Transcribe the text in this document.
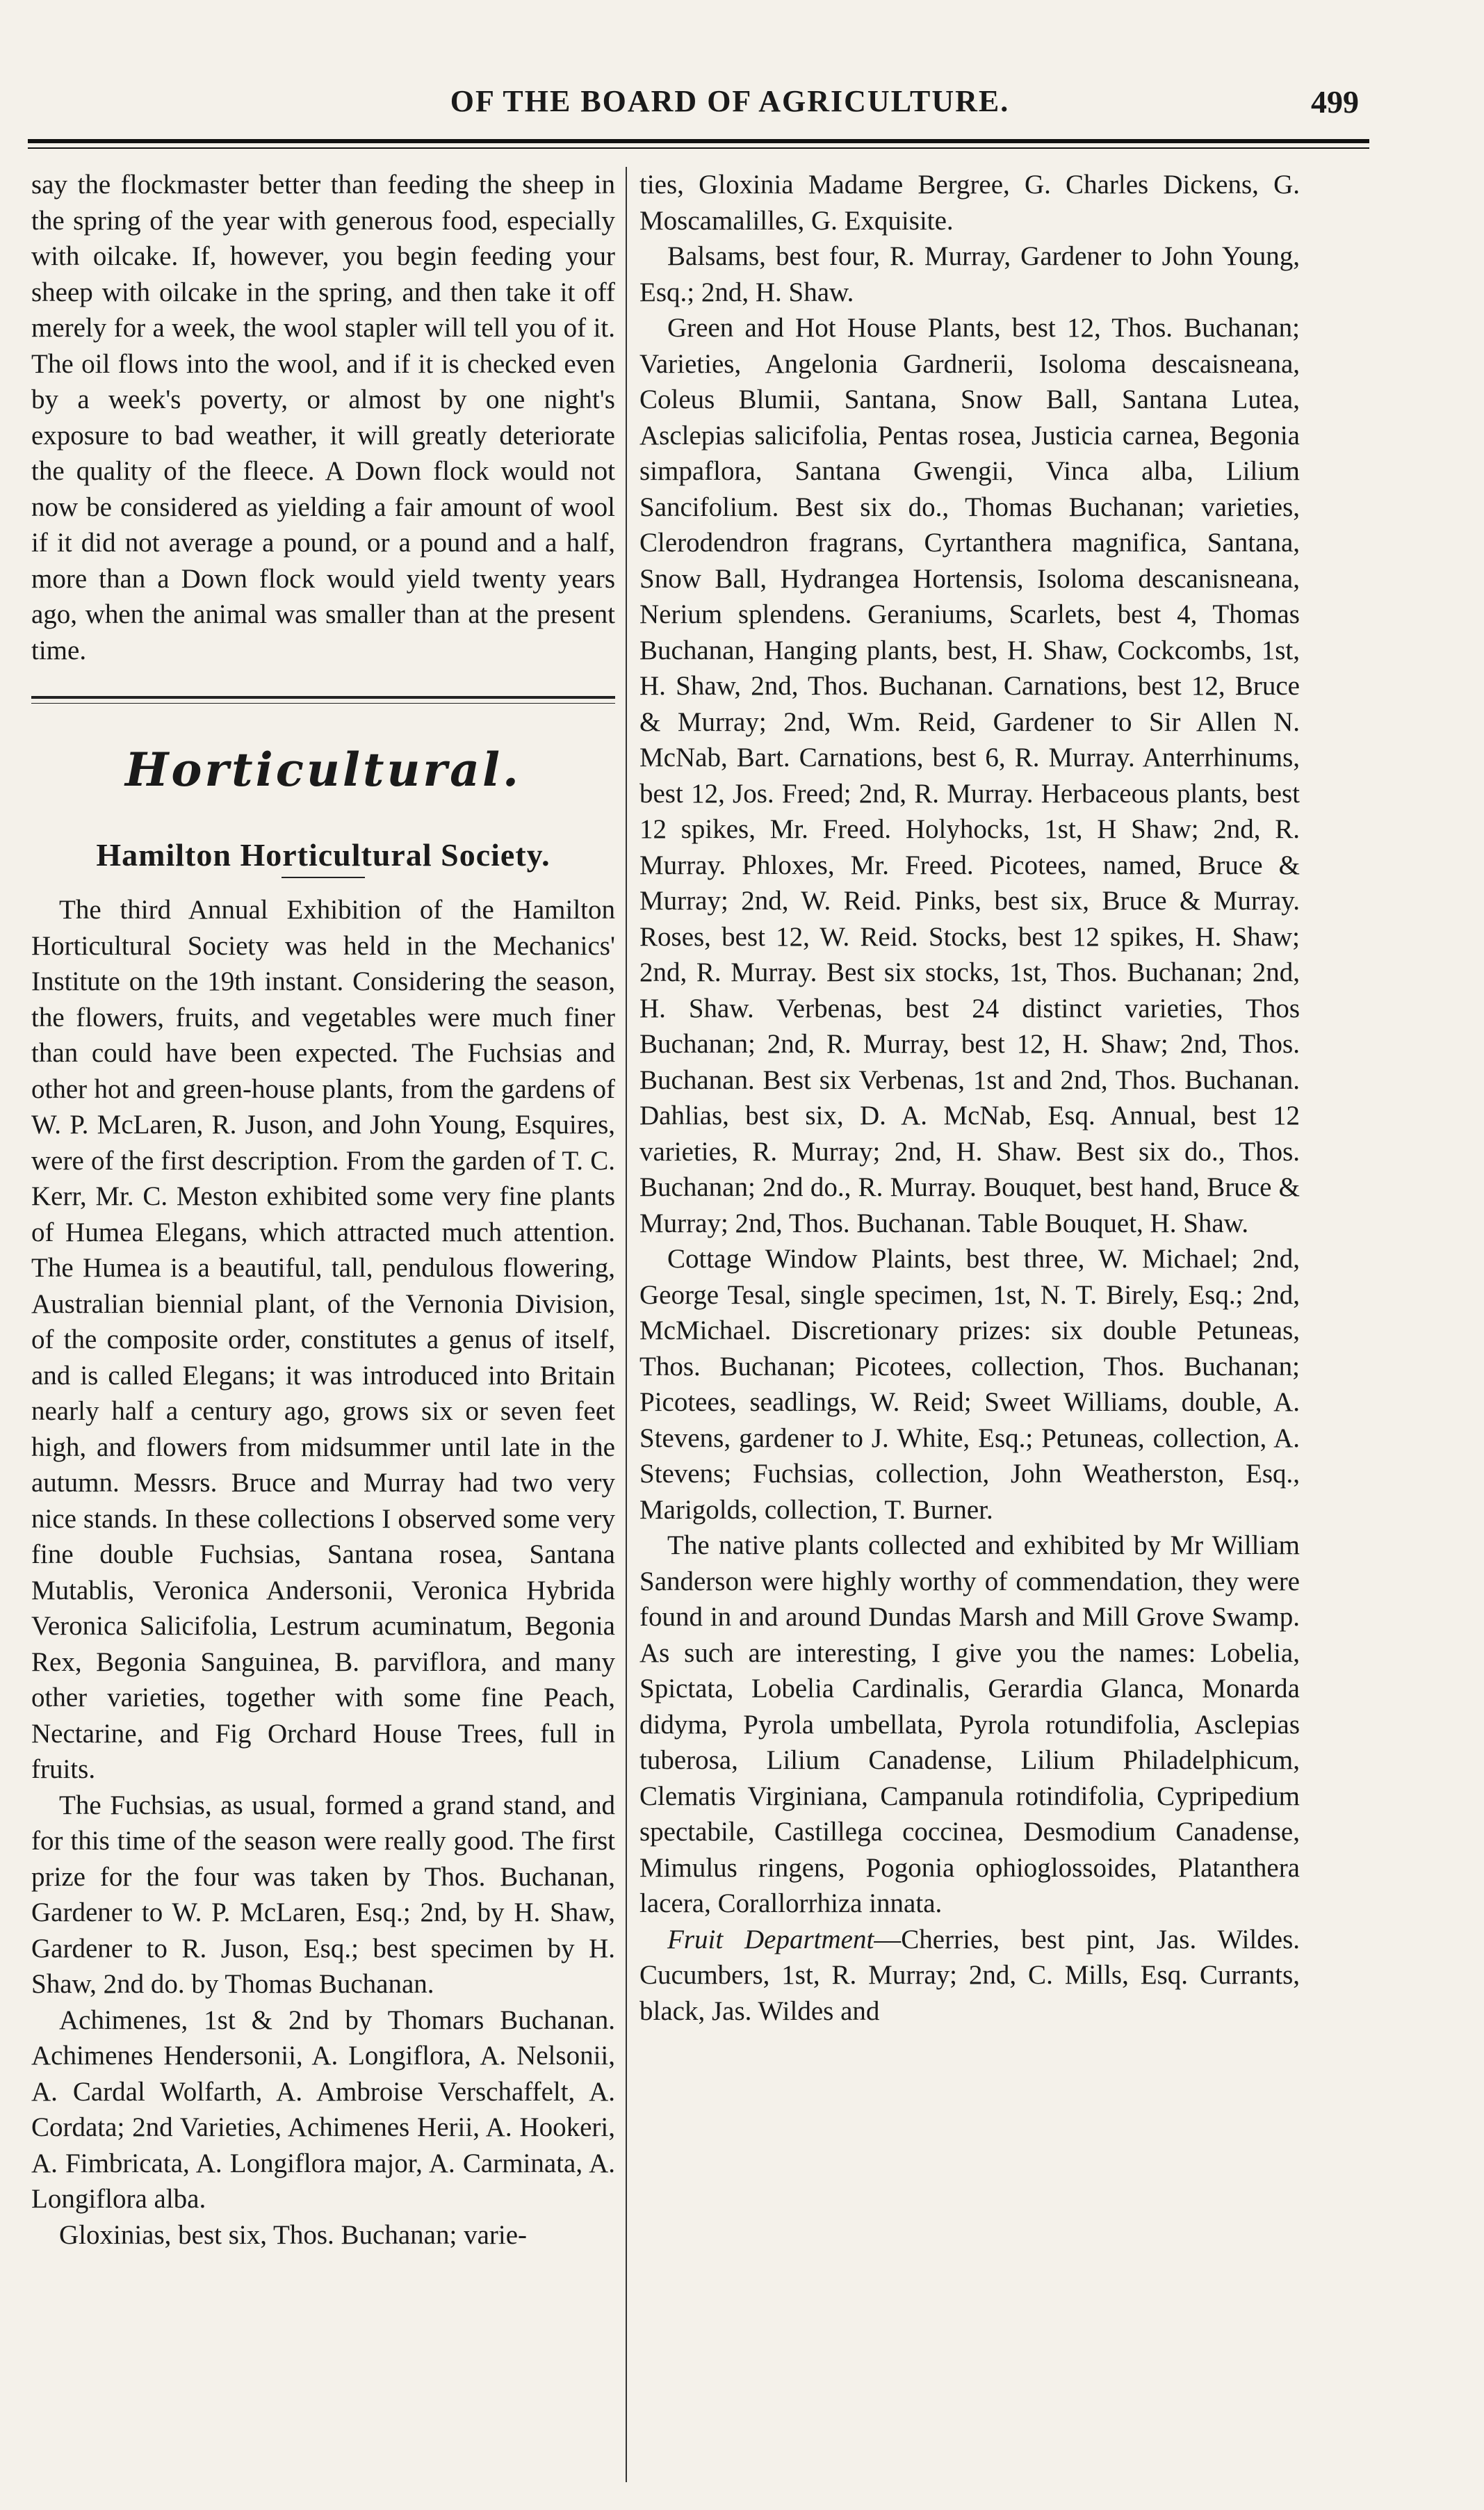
OF THE BOARD OF AGRICULTURE.	499

say the flockmaster better than feeding the sheep in the spring of the year with generous food, especially with oilcake. If, however, you begin feeding your sheep with oilcake in the spring, and then take it off merely for a week, the wool stapler will tell you of it. The oil flows into the wool, and if it is checked even by a week's poverty, or almost by one night's exposure to bad weather, it will greatly deteriorate the quality of the fleece. A Down flock would not now be considered as yielding a fair amount of wool if it did not average a pound, or a pound and a half, more than a Down flock would yield twenty years ago, when the animal was smaller than at the present time.

Horticultural.
Hamilton Horticultural Society.

The third Annual Exhibition of the Hamilton Horticultural Society was held in the Mechanics' Institute on the 19th instant. Considering the season, the flowers, fruits, and vegetables were much finer than could have been expected. The Fuchsias and other hot and green-house plants, from the gardens of W. P. McLaren, R. Juson, and John Young, Esquires, were of the first description. From the garden of T. C. Kerr, Mr. C. Meston exhibited some very fine plants of Humea Elegans, which attracted much attention. The Humea is a beautiful, tall, pendulous flowering, Australian biennial plant, of the Vernonia Division, of the composite order, constitutes a genus of itself, and is called Elegans; it was introduced into Britain nearly half a century ago, grows six or seven feet high, and flowers from midsummer until late in the autumn. Messrs. Bruce and Murray had two very nice stands. In these collections I observed some very fine double Fuchsias, Santana rosea, Santana Mutablis, Veronica Andersonii, Veronica Hybrida Veronica Salicifolia, Lestrum acuminatum, Begonia Rex, Begonia Sanguinea, B. parviflora, and many other varieties, together with some fine Peach, Nectarine, and Fig Orchard House Trees, full in fruits.

The Fuchsias, as usual, formed a grand stand, and for this time of the season were really good. The first prize for the four was taken by Thos. Buchanan, Gardener to W. P. McLaren, Esq.; 2nd, by H. Shaw, Gardener to R. Juson, Esq.; best specimen by H. Shaw, 2nd do. by Thomas Buchanan.

Achimenes, 1st & 2nd by Thomars Buchanan. Achimenes Hendersonii, A. Longiflora, A. Nelsonii, A. Cardal Wolfarth, A. Ambroise Verschaffelt, A. Cordata; 2nd Varieties, Achimenes Herii, A. Hookeri, A. Fimbricata, A. Longiflora major, A. Carminata, A. Longiflora alba.

Gloxinias, best six, Thos. Buchanan; varie-

ties, Gloxinia Madame Bergree, G. Charles Dickens, G. Moscamalilles, G. Exquisite.

Balsams, best four, R. Murray, Gardener to John Young, Esq.; 2nd, H. Shaw.

Green and Hot House Plants, best 12, Thos. Buchanan; Varieties, Angelonia Gardnerii, Isoloma descaisneana, Coleus Blumii, Santana, Snow Ball, Santana Lutea, Asclepias salicifolia, Pentas rosea, Justicia carnea, Begonia simpaflora, Santana Gwengii, Vinca alba, Lilium Sancifolium. Best six do., Thomas Buchanan; varieties, Clerodendron fragrans, Cyrtanthera magnifica, Santana, Snow Ball, Hydrangea Hortensis, Isoloma descanisneana, Nerium splendens. Geraniums, Scarlets, best 4, Thomas Buchanan, Hanging plants, best, H. Shaw, Cockcombs, 1st, H. Shaw, 2nd, Thos. Buchanan. Carnations, best 12, Bruce & Murray; 2nd, Wm. Reid, Gardener to Sir Allen N. McNab, Bart. Carnations, best 6, R. Murray. Anterrhinums, best 12, Jos. Freed; 2nd, R. Murray. Herbaceous plants, best 12 spikes, Mr. Freed. Holyhocks, 1st, H Shaw; 2nd, R. Murray. Phloxes, Mr. Freed. Picotees, named, Bruce & Murray; 2nd, W. Reid. Pinks, best six, Bruce & Murray. Roses, best 12, W. Reid. Stocks, best 12 spikes, H. Shaw; 2nd, R. Murray. Best six stocks, 1st, Thos. Buchanan; 2nd, H. Shaw. Verbenas, best 24 distinct varieties, Thos Buchanan; 2nd, R. Murray, best 12, H. Shaw; 2nd, Thos. Buchanan. Best six Verbenas, 1st and 2nd, Thos. Buchanan. Dahlias, best six, D. A. McNab, Esq. Annual, best 12 varieties, R. Murray; 2nd, H. Shaw. Best six do., Thos. Buchanan; 2nd do., R. Murray. Bouquet, best hand, Bruce & Murray; 2nd, Thos. Buchanan. Table Bouquet, H. Shaw.

Cottage Window Plaints, best three, W. Michael; 2nd, George Tesal, single specimen, 1st, N. T. Birely, Esq.; 2nd, McMichael. Discretionary prizes: six double Petuneas, Thos. Buchanan; Picotees, collection, Thos. Buchanan; Picotees, seadlings, W. Reid; Sweet Williams, double, A. Stevens, gardener to J. White, Esq.; Petuneas, collection, A. Stevens; Fuchsias, collection, John Weatherston, Esq., Marigolds, collection, T. Burner.

The native plants collected and exhibited by Mr William Sanderson were highly worthy of commendation, they were found in and around Dundas Marsh and Mill Grove Swamp. As such are interesting, I give you the names: Lobelia, Spictata, Lobelia Cardinalis, Gerardia Glanca, Monarda didyma, Pyrola umbellata, Pyrola rotundifolia, Asclepias tuberosa, Lilium Canadense, Lilium Philadelphicum, Clematis Virginiana, Campanula rotindifolia, Cypripedium spectabile, Castillega coccinea, Desmodium Canadense, Mimulus ringens, Pogonia ophioglossoides, Platanthera lacera, Corallorrhiza innata.

Fruit Department—Cherries, best pint, Jas. Wildes. Cucumbers, 1st, R. Murray; 2nd, C. Mills, Esq. Currants, black, Jas. Wildes and
